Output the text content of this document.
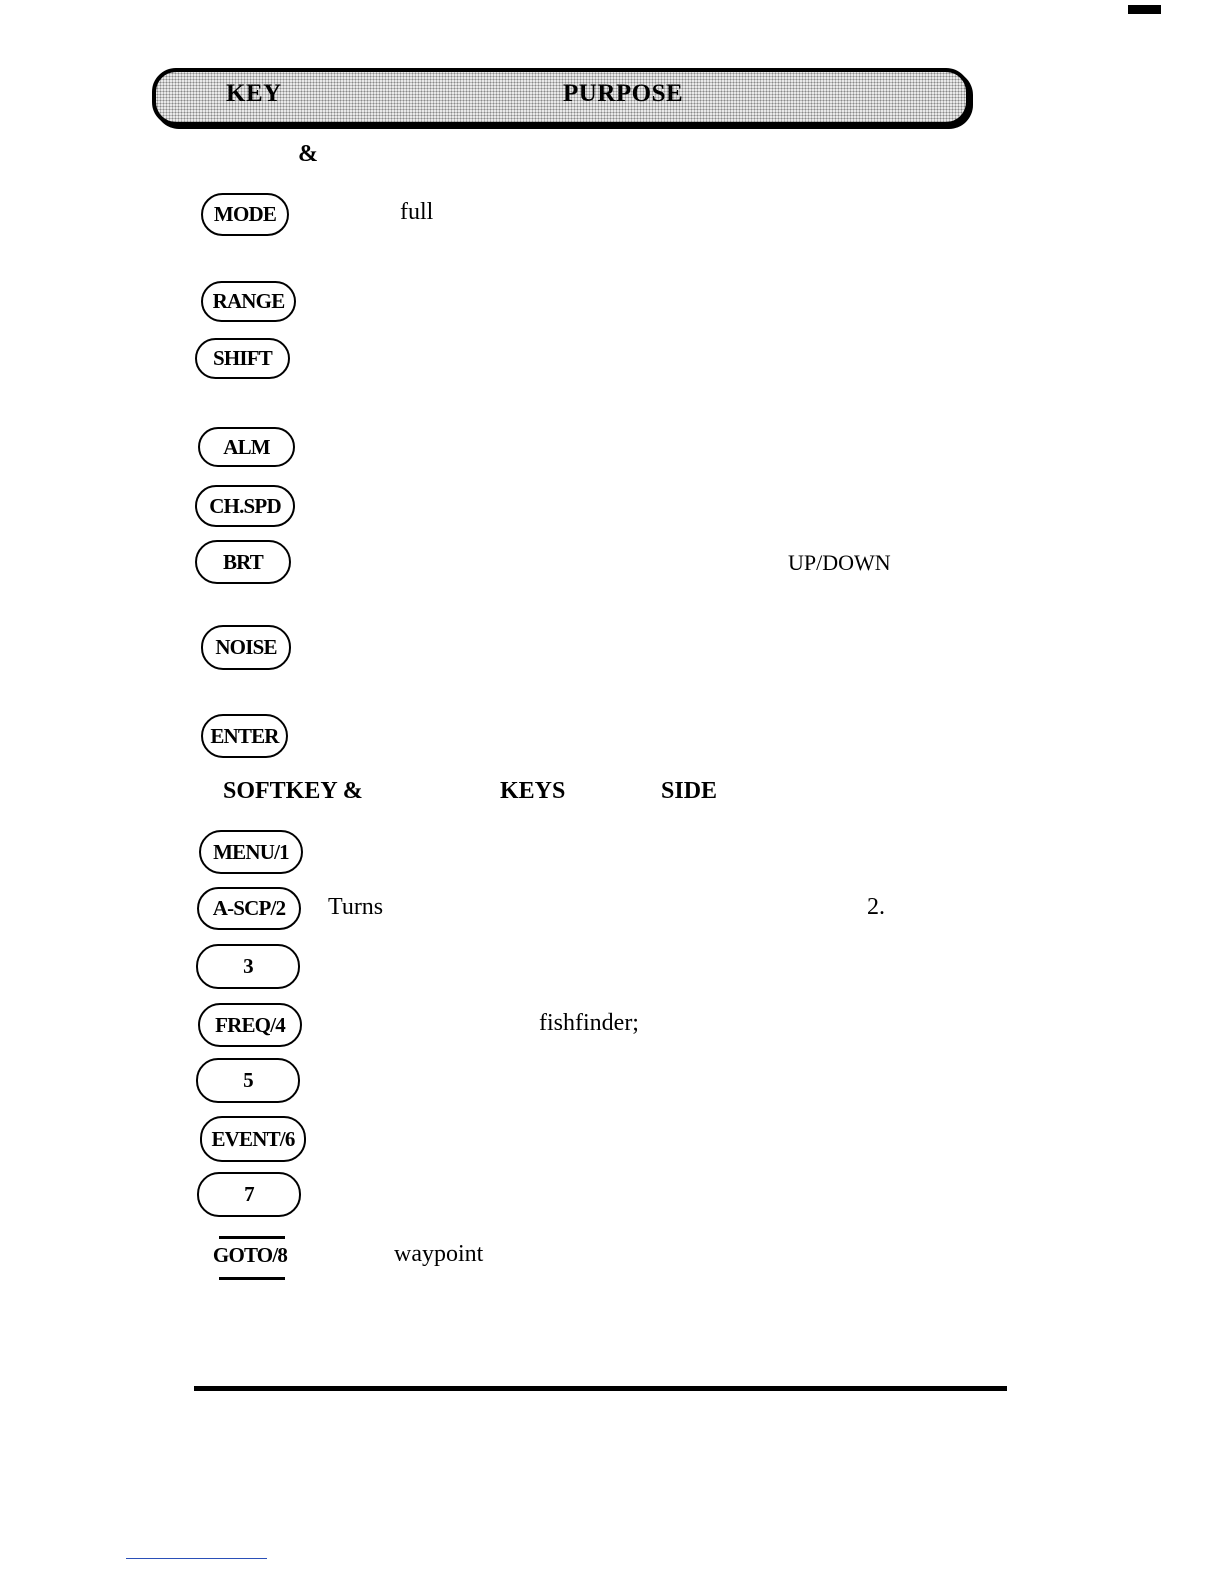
KEY	PURPOSE
&
MODE	full
RANGE
SHIFT
ALM
CH.SPD
BRT	UP/DOWN
NOISE
ENTER
SOFTKEY &	KEYS	SIDE
MENU/1
A-SCP/2	Turns	2.
3
FREQ/4	fishfinder;
5
EVENT/6
7
GOTO/8	waypoint
